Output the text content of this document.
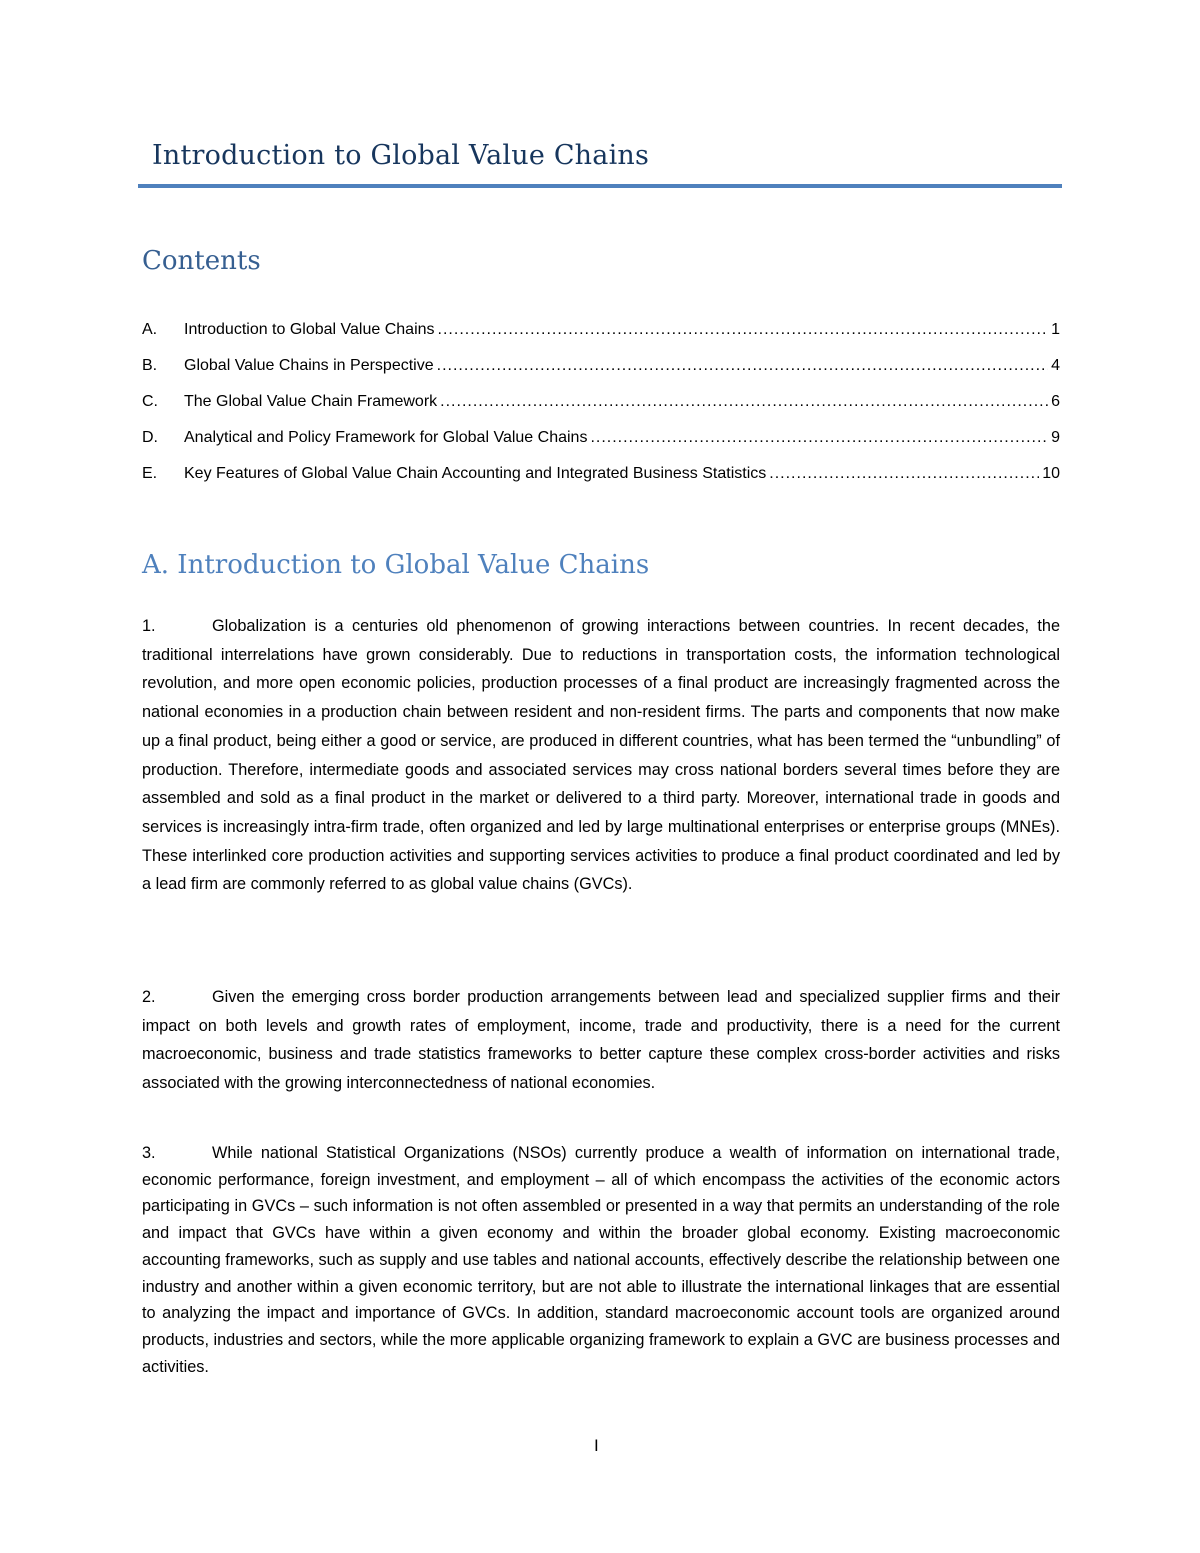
Introduction to Global Value Chains
Contents
A.	Introduction to Global Value Chains .....	1
B.	Global Value Chains in Perspective .....	4
C.	The Global Value Chain Framework .....	6
D.	Analytical and Policy Framework for Global Value Chains .....	9
E.	Key Features of Global Value Chain Accounting and Integrated Business Statistics .....	10
A. Introduction to Global Value Chains

1.	Globalization is a centuries old phenomenon of growing interactions between countries. In recent decades, the traditional interrelations have grown considerably. Due to reductions in transportation costs, the information technological revolution, and more open economic policies, production processes of a final product are increasingly fragmented across the national economies in a production chain between resident and non-resident firms. The parts and components that now make up a final product, being either a good or service, are produced in different countries, what has been termed the “unbundling” of production. Therefore, intermediate goods and associated services may cross national borders several times before they are assembled and sold as a final product in the market or delivered to a third party. Moreover, international trade in goods and services is increasingly intra-firm trade, often organized and led by large multinational enterprises or enterprise groups (MNEs). These interlinked core production activities and supporting services activities to produce a final product coordinated and led by a lead firm are commonly referred to as global value chains (GVCs).

2.	Given the emerging cross border production arrangements between lead and specialized supplier firms and their impact on both levels and growth rates of employment, income, trade and productivity, there is a need for the current macroeconomic, business and trade statistics frameworks to better capture these complex cross-border activities and risks associated with the growing interconnectedness of national economies.

3.	While national Statistical Organizations (NSOs) currently produce a wealth of information on international trade, economic performance, foreign investment, and employment – all of which encompass the activities of the economic actors participating in GVCs – such information is not often assembled or presented in a way that permits an understanding of the role and impact that GVCs have within a given economy and within the broader global economy. Existing macroeconomic accounting frameworks, such as supply and use tables and national accounts, effectively describe the relationship between one industry and another within a given economic territory, but are not able to illustrate the international linkages that are essential to analyzing the impact and importance of GVCs. In addition, standard macroeconomic account tools are organized around products, industries and sectors, while the more applicable organizing framework to explain a GVC are business processes and activities.

I
